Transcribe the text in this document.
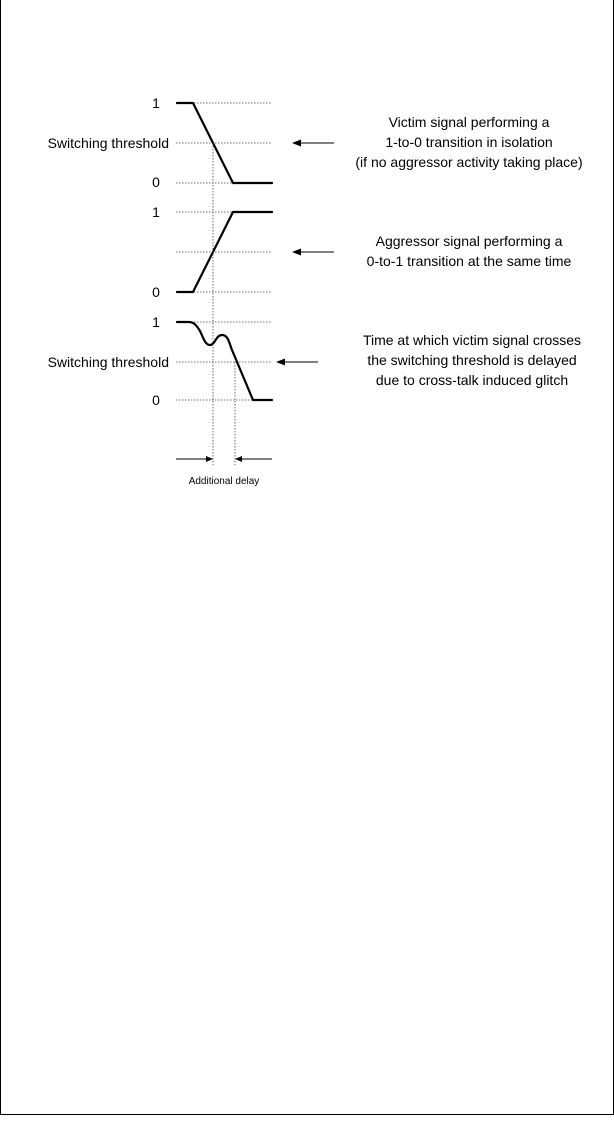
1
Switching threshold
0
Victim signal performing a
1-to-0 transition in isolation
(if no aggressor activity taking place)
1
0
Aggressor signal performing a
0-to-1 transition at the same time
1
Switching threshold
0
Time at which victim signal crosses
the switching threshold is delayed
due to cross-talk induced glitch
Additional delay
